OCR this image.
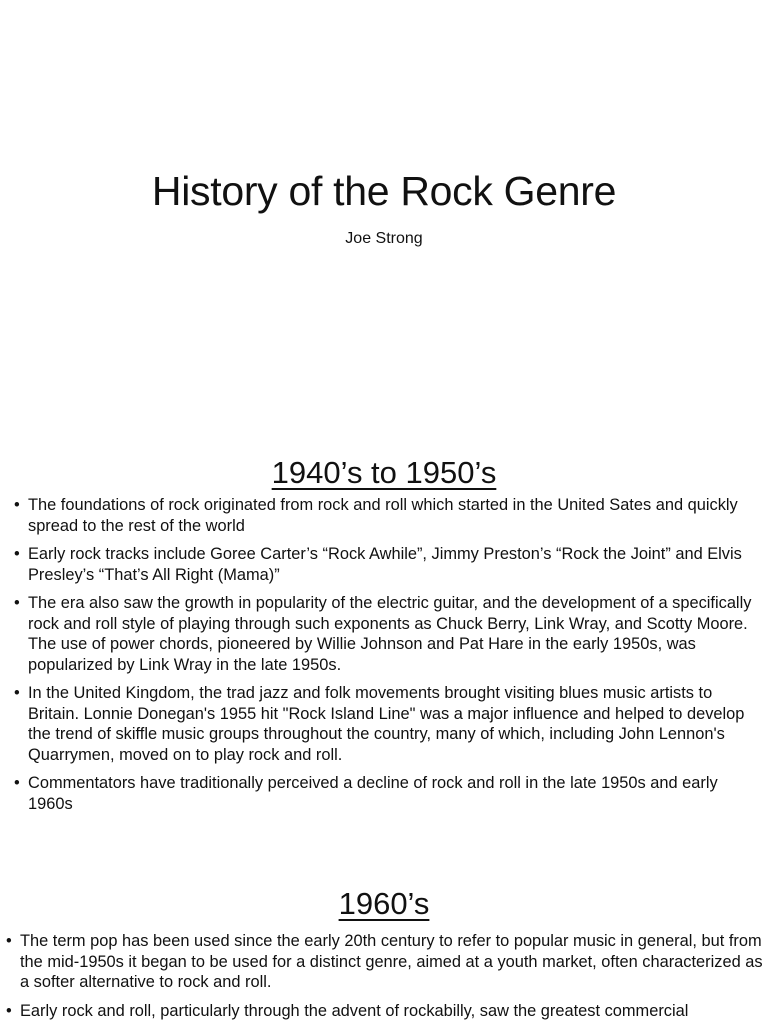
History of the Rock Genre
Joe Strong
1940’s to 1950’s
• The foundations of rock originated from rock and roll which started in the United Sates and quickly spread to the rest of the world
• Early rock tracks include Goree Carter’s “Rock Awhile”, Jimmy Preston’s “Rock the Joint” and Elvis Presley’s “That’s All Right (Mama)”
• The era also saw the growth in popularity of the electric guitar, and the development of a specifically rock and roll style of playing through such exponents as Chuck Berry, Link Wray, and Scotty Moore. The use of power chords, pioneered by Willie Johnson and Pat Hare in the early 1950s, was popularized by Link Wray in the late 1950s.
• In the United Kingdom, the trad jazz and folk movements brought visiting blues music artists to Britain. Lonnie Donegan's 1955 hit "Rock Island Line" was a major influence and helped to develop the trend of skiffle music groups throughout the country, many of which, including John Lennon's Quarrymen, moved on to play rock and roll.
• Commentators have traditionally perceived a decline of rock and roll in the late 1950s and early 1960s
1960’s
• The term pop has been used since the early 20th century to refer to popular music in general, but from the mid-1950s it began to be used for a distinct genre, aimed at a youth market, often characterized as a softer alternative to rock and roll.
• Early rock and roll, particularly through the advent of rockabilly, saw the greatest commercial
